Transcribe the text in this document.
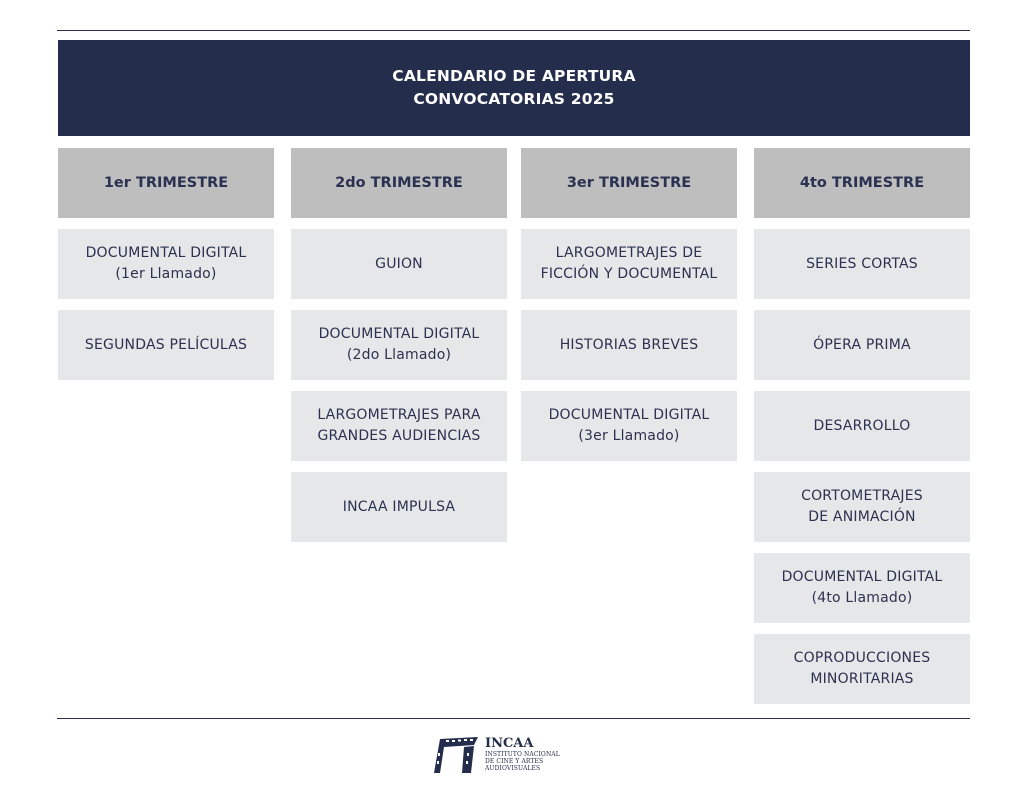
CALENDARIO DE APERTURA
CONVOCATORIAS 2025
1er TRIMESTRE
DOCUMENTAL DIGITAL
(1er Llamado)
SEGUNDAS PELÍCULAS
2do TRIMESTRE
GUION
DOCUMENTAL DIGITAL
(2do Llamado)
LARGOMETRAJES PARA
GRANDES AUDIENCIAS
INCAA IMPULSA
3er TRIMESTRE
LARGOMETRAJES DE
FICCIÓN Y DOCUMENTAL
HISTORIAS BREVES
DOCUMENTAL DIGITAL
(3er Llamado)
4to TRIMESTRE
SERIES CORTAS
ÓPERA PRIMA
DESARROLLO
CORTOMETRAJES
DE ANIMACIÓN
DOCUMENTAL DIGITAL
(4to Llamado)
COPRODUCCIONES
MINORITARIAS
INCAA
INSTITUTO NACIONAL
DE CINE Y ARTES
AUDIOVISUALES
